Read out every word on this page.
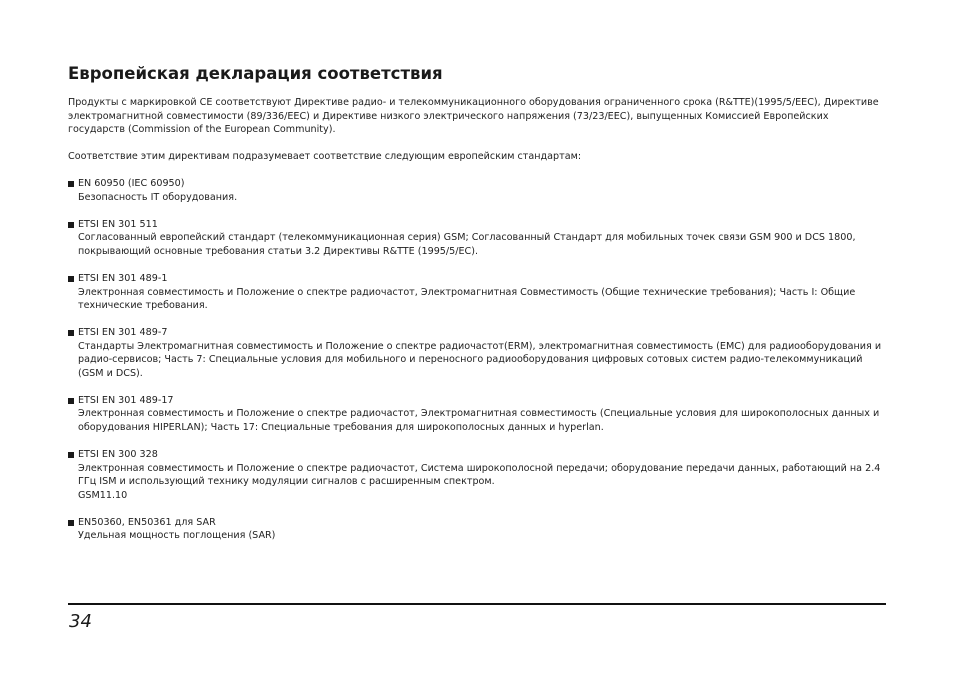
Европейская декларация соответствия

Продукты с маркировкой CE соответствуют Директиве радио- и телекоммуникационного оборудования ограниченного срока (R&TTE)(1995/5/EEC), Директиве электромагнитной совместимости (89/336/EEC) и Директиве низкого электрического напряжения (73/23/EEC), выпущенных Комиссией Европейских государств (Commission of the European Community).

Соответствие этим директивам подразумевает соответствие следующим европейским стандартам:

EN 60950 (IEC 60950)

Безопасность IT оборудования.

ETSI EN 301 511

Согласованный европейский стандарт (телекоммуникационная серия) GSM; Согласованный Стандарт для мобильных точек связи GSM 900 и DCS 1800, покрывающий основные требования статьи 3.2 Директивы R&TTE (1995/5/EC).

ETSI EN 301 489-1

Электронная совместимость и Положение о спектре радиочастот, Электромагнитная Совместимость (Общие технические требования); Часть I: Общие технические требования.

ETSI EN 301 489-7

Стандарты Электромагнитная совместимость и Положение о спектре радиочастот(ERM), электромагнитная совместимость (EMC) для радиооборудования и радио-сервисов; Часть 7: Специальные условия для мобильного и переносного радиооборудования цифровых сотовых систем радио-телекоммуникаций (GSM и DCS).

ETSI EN 301 489-17

Электронная совместимость и Положение о спектре радиочастот, Электромагнитная совместимость (Специальные условия для широкополосных данных и оборудования HIPERLAN); Часть 17: Специальные требования для широкополосных данных и hyperlan.

ETSI EN 300 328

Электронная совместимость и Положение о спектре радиочастот, Система широкополосной передачи; оборудование передачи данных, работающий на 2.4 ГГц ISM и использующий технику модуляции сигналов с расширенным спектром.

GSM11.10
EN50360, EN50361 для SAR

Удельная мощность поглощения (SAR)

34
